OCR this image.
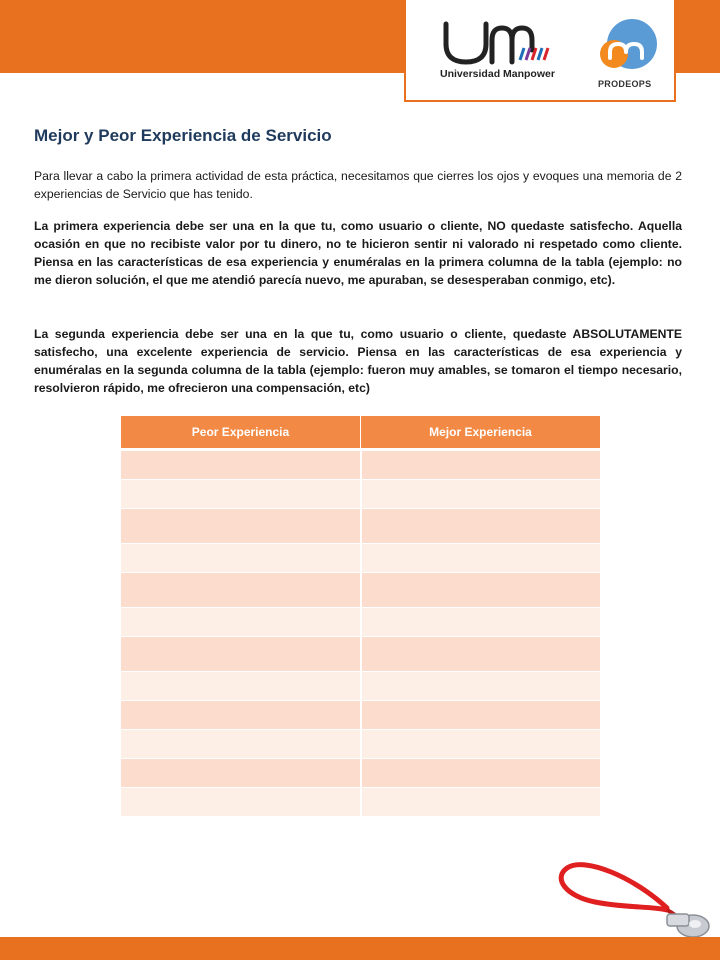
Universidad Manpower
PRODEOPS
Mejor y Peor Experiencia de Servicio

Para llevar a cabo la primera actividad de esta práctica, necesitamos que cierres los ojos y evoques una memoria de 2 experiencias de Servicio que has tenido.

La primera experiencia debe ser una en la que tu, como usuario o cliente, NO quedaste satisfecho. Aquella ocasión en que no recibiste valor por tu dinero, no te hicieron sentir ni valorado ni respetado como cliente. Piensa en las características de esa experiencia y enuméralas en la primera columna de la tabla (ejemplo: no me dieron solución, el que me atendió parecía nuevo, me apuraban, se desesperaban conmigo, etc).

La segunda experiencia debe ser una en la que tu, como usuario o cliente, quedaste ABSOLUTAMENTE satisfecho, una excelente experiencia de servicio. Piensa en las características de esa experiencia y enuméralas en la segunda columna de la tabla (ejemplo: fueron muy amables, se tomaron el tiempo necesario, resolvieron rápido, me ofrecieron una compensación, etc)

Peor Experiencia	Mejor Experiencia
